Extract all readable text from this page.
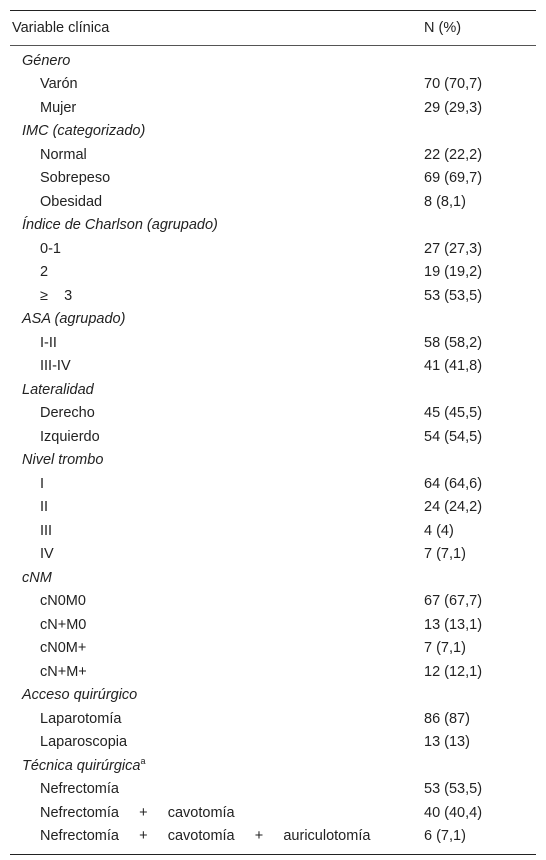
Variable clínica	N (%)
Género
Varón	70 (70,7)
Mujer	29 (29,3)
IMC (categorizado)
Normal	22 (22,2)
Sobrepeso	69 (69,7)
Obesidad	8 (8,1)
Índice de Charlson (agrupado)
0-1	27 (27,3)
2	19 (19,2)
≥    3	53 (53,5)
ASA (agrupado)
I-II	58 (58,2)
III-IV	41 (41,8)
Lateralidad
Derecho	45 (45,5)
Izquierdo	54 (54,5)
Nivel trombo
I	64 (64,6)
II	24 (24,2)
III	4 (4)
IV	7 (7,1)
cNM
cN0M0	67 (67,7)
cN+M0	13 (13,1)
cN0M+	7 (7,1)
cN+M+	12 (12,1)
Acceso quirúrgico
Laparotomía	86 (87)
Laparoscopia	13 (13)
Técnica quirúrgica$^a$
Nefrectomía	53 (53,5)
Nefrectomía     +     cavotomía	40 (40,4)
Nefrectomía     +     cavotomía     +     auriculotomía	6 (7,1)
